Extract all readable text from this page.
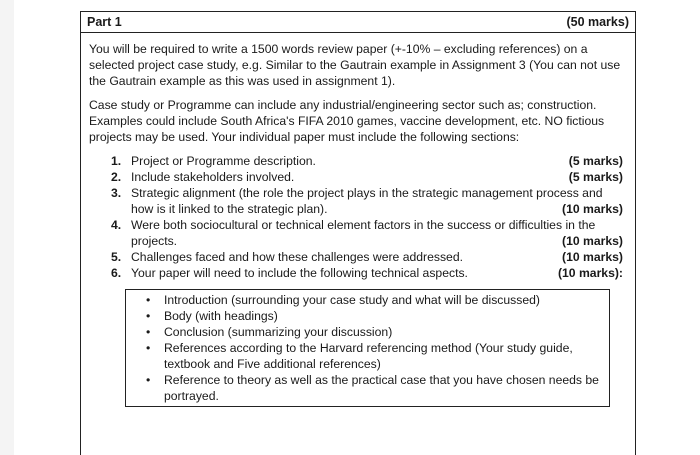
Part 1	(50 marks)

You will be required to write a 1500 words review paper (+-10% – excluding references) on a selected project case study, e.g. Similar to the Gautrain example in Assignment 3 (You can not use the Gautrain example as this was used in assignment 1).

Case study or Programme can include any industrial/engineering sector such as; construction. Examples could include South Africa's FIFA 2010 games, vaccine development, etc. NO fictious projects may be used. Your individual paper must include the following sections:

1. Project or Programme description.	(5 marks)
2. Include stakeholders involved.	(5 marks)
3. Strategic alignment (the role the project plays in the strategic management process and
how is it linked to the strategic plan).	(10 marks)
4. Were both sociocultural or technical element factors in the success or difficulties in the
projects.	(10 marks)
5. Challenges faced and how these challenges were addressed.	(10 marks)
6. Your paper will need to include the following technical aspects.	(10 marks):
• Introduction (surrounding your case study and what will be discussed)
• Body (with headings)
• Conclusion (summarizing your discussion)
• References according to the Harvard referencing method (Your study guide, textbook and Five additional references)
• Reference to theory as well as the practical case that you have chosen needs be portrayed.
